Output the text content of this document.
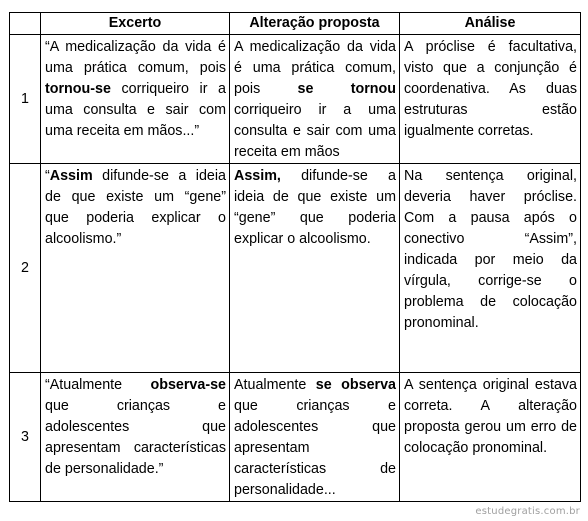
	Excerto	Alteração proposta	Análise
1	“A medicalização da vida é uma prática comum, pois tornou-se corriqueiro ir a uma consulta e sair com uma receita em mãos...”	A medicalização da vida é uma prática comum, pois se tornou corriqueiro ir a uma consulta e sair com uma receita em mãos	A próclise é facultativa, visto que a conjunção é coordenativa. As duas estruturas estão igualmente corretas.

2	“Assim difunde-se a ideia de que existe um “gene” que poderia explicar o alcoolismo.”	Assim, difunde-se a ideia de que existe um “gene” que poderia explicar o alcoolismo.	Na sentença original, deveria haver próclise. Com a pausa após o conectivo “Assim”, indicada por meio da vírgula, corrige-se o problema de colocação pronominal.

3	“Atualmente observa-se que crianças e adolescentes que apresentam características de personalidade.”	Atualmente se observa que crianças e adolescentes que apresentam características de personalidade...	A sentença original estava correta. A alteração proposta gerou um erro de colocação pronominal.
estudegratis.com.br
